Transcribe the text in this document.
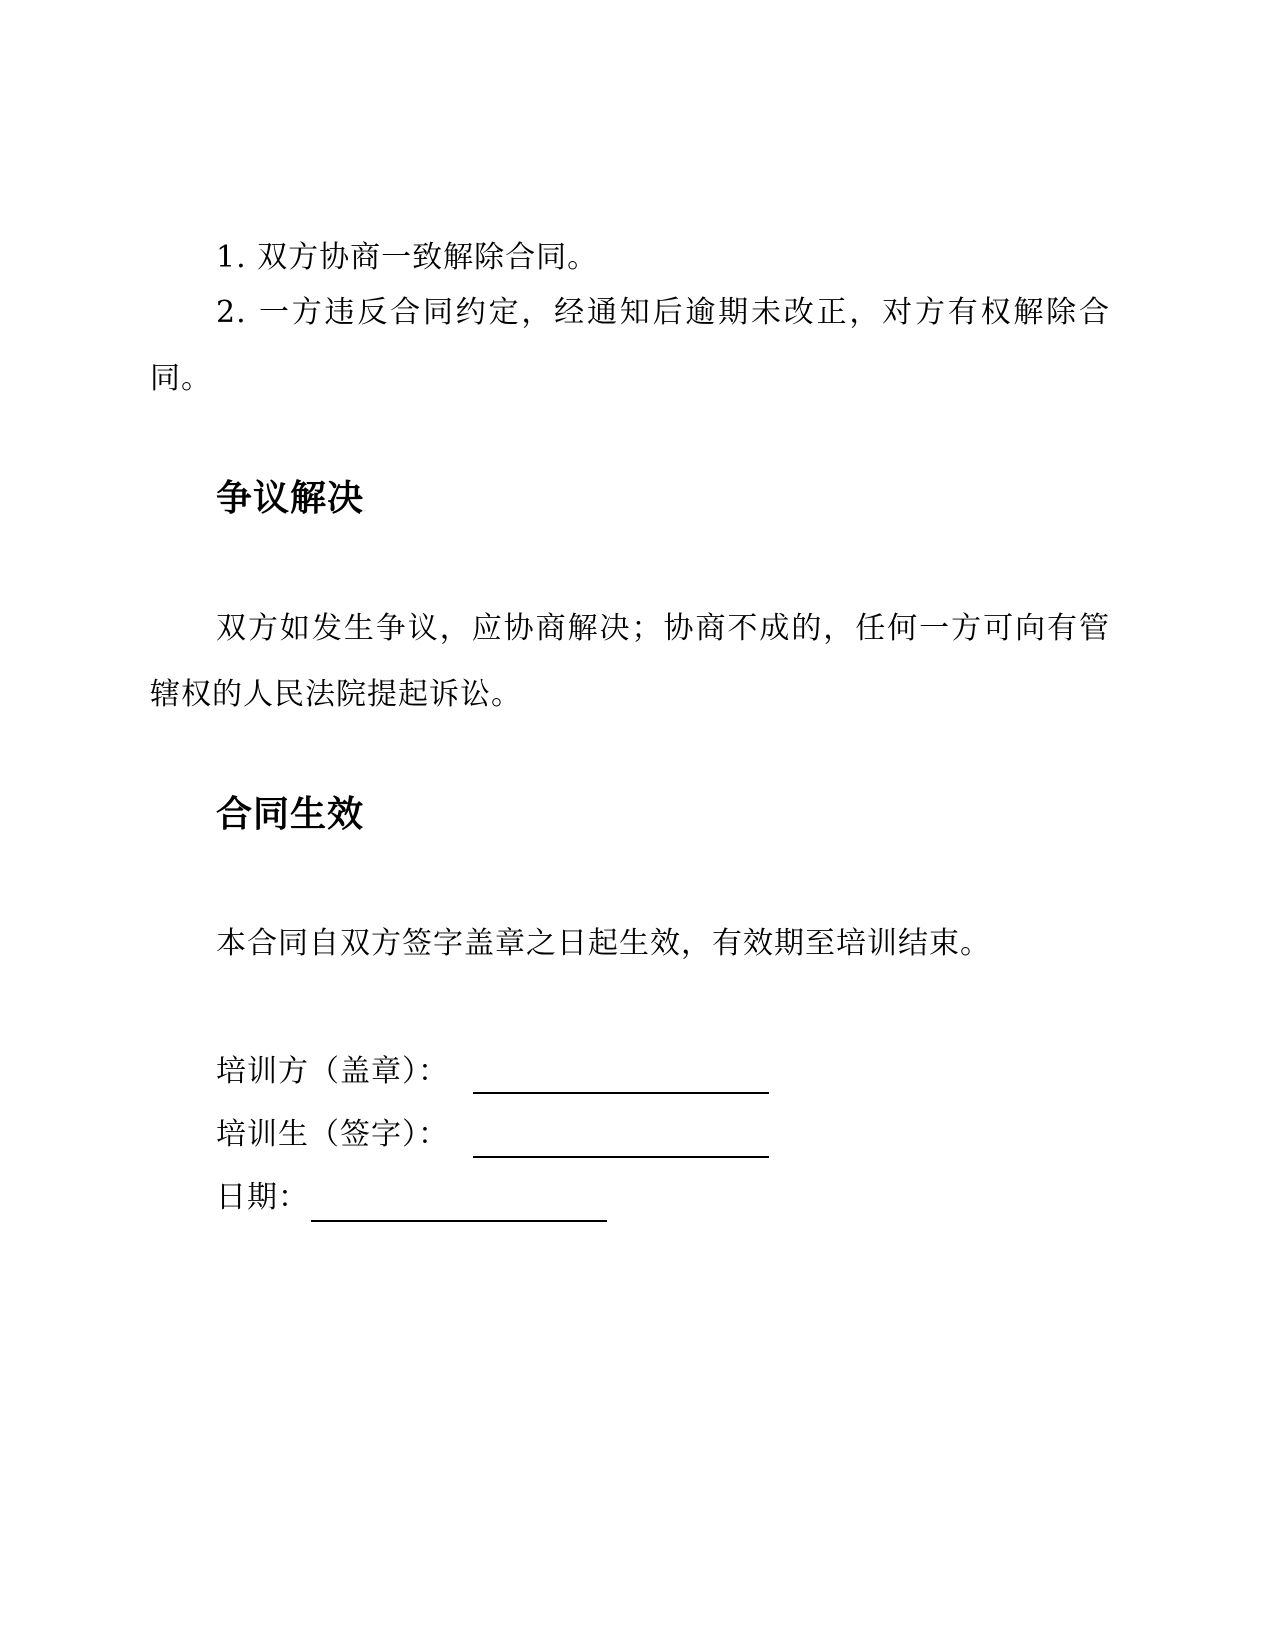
1. 双方协商一致解除合同。
2. 一方违反合同约定，经通知后逾期未改正，对方有权解除合同。
争议解决
双方如发生争议，应协商解决；协商不成的，任何一方可向有管辖权的人民法院提起诉讼。
合同生效
本合同自双方签字盖章之日起生效，有效期至培训结束。
培训方（盖章）：
培训生（签字）：
日期：
